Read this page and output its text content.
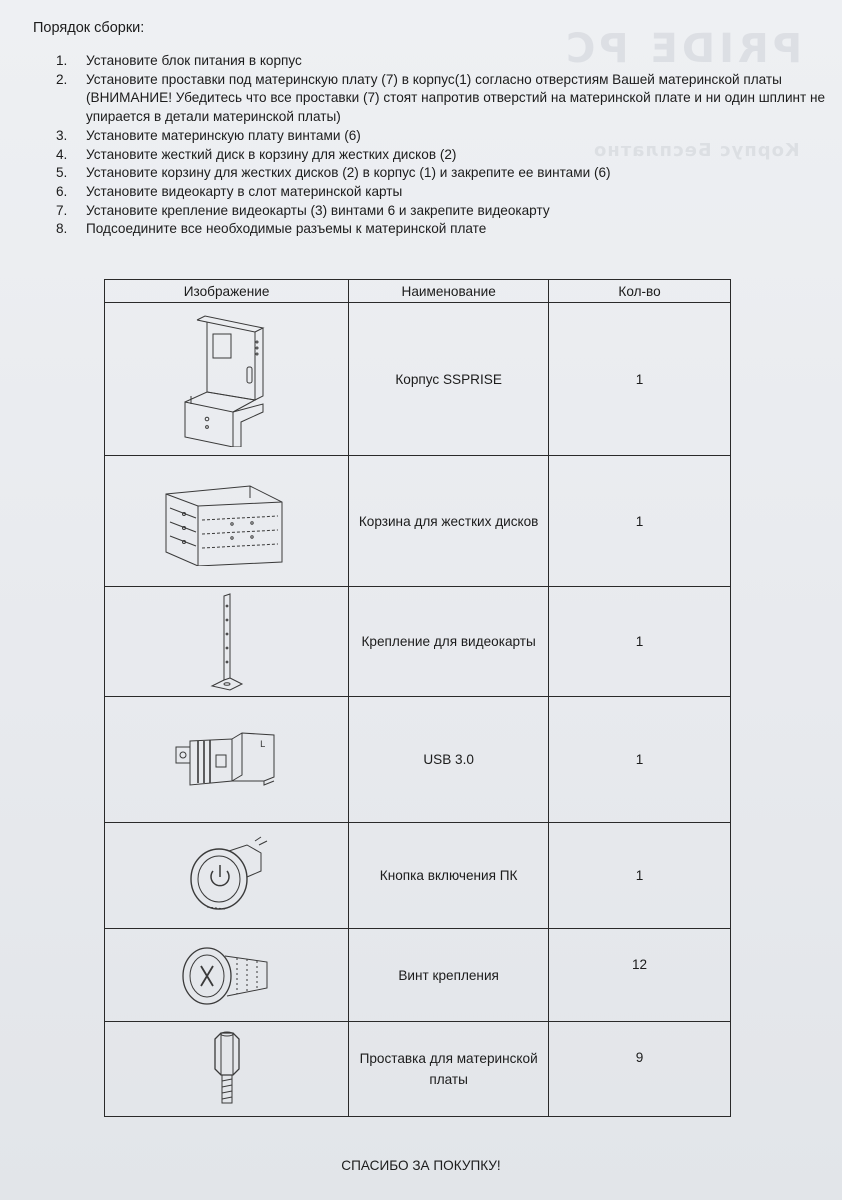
PRIDE PC
Корпус Бесплатно
Порядок сборки:
1.	Установите блок питания в корпус
2.	Установите проставки под материнскую плату (7) в корпус(1) согласно отверстиям Вашей материнской платы (ВНИМАНИЕ! Убедитесь что все проставки (7) стоят напротив отверстий на материнской плате и ни один шплинт не упирается в детали материнской платы)
3.	Установите материнскую плату винтами (6)
4.	Установите жесткий диск в корзину для жестких дисков (2)
5.	Установите корзину для жестких дисков (2) в корпус (1) и закрепите ее винтами (6)
6.	Установите видеокарту в слот материнской карты
7.	Установите крепление видеокарты (3) винтами 6 и закрепите видеокарту
8.	Подсоедините все необходимые разъемы к материнской плате
Изображение	Наименование	Кол-во

	Корпус SSPRISE	1

	Корзина для жестких дисков	1

	Крепление для видеокарты	1

L	USB 3.0	1

	Кнопка включения ПК	1

	Винт крепления	12

	Проставка для материнской платы	9
СПАСИБО ЗА ПОКУПКУ!
